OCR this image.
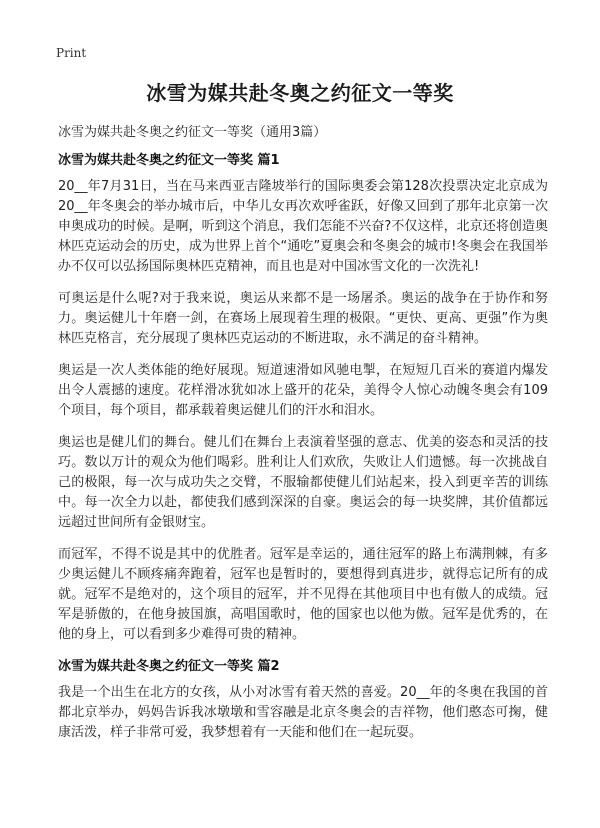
Print
冰雪为媒共赴冬奥之约征文一等奖
冰雪为媒共赴冬奥之约征文一等奖（通用3篇）
冰雪为媒共赴冬奥之约征文一等奖 篇1

20__年7月31日，当在马来西亚吉隆坡举行的国际奥委会第128次投票决定北京成为20__年冬奥会的举办城市后，中华儿女再次欢呼雀跃，好像又回到了那年北京第一次申奥成功的时候。是啊，听到这个消息，我们怎能不兴奋?不仅这样，北京还将创造奥林匹克运动会的历史，成为世界上首个“通吃”夏奥会和冬奥会的城市!冬奥会在我国举办不仅可以弘扬国际奥林匹克精神，而且也是对中国冰雪文化的一次洗礼!

可奥运是什么呢?对于我来说，奥运从来都不是一场屠杀。奥运的战争在于协作和努力。奥运健儿十年磨一剑，在赛场上展现着生理的极限。“更快、更高、更强”作为奥林匹克格言，充分展现了奥林匹克运动的不断进取，永不满足的奋斗精神。

奥运是一次人类体能的绝好展现。短道速滑如风驰电掣，在短短几百米的赛道内爆发出令人震撼的速度。花样滑冰犹如冰上盛开的花朵，美得令人惊心动魄冬奥会有109个项目，每个项目，都承载着奥运健儿们的汗水和泪水。

奥运也是健儿们的舞台。健儿们在舞台上表演着坚强的意志、优美的姿态和灵活的技巧。数以万计的观众为他们喝彩。胜利让人们欢欣，失败让人们遗憾。每一次挑战自己的极限，每一次与成功失之交臂，不服输都使健儿们站起来，投入到更辛苦的训练中。每一次全力以赴，都使我们感到深深的自豪。奥运会的每一块奖牌，其价值都远远超过世间所有金银财宝。

而冠军，不得不说是其中的优胜者。冠军是幸运的，通往冠军的路上布满荆棘，有多少奥运健儿不顾疼痛奔跑着，冠军也是暂时的，要想得到真进步，就得忘记所有的成就。冠军不是绝对的，这个项目的冠军，并不见得在其他项目中也有傲人的成绩。冠军是骄傲的，在他身披国旗，高唱国歌时，他的国家也以他为傲。冠军是优秀的，在他的身上，可以看到多少难得可贵的精神。

冰雪为媒共赴冬奥之约征文一等奖 篇2

我是一个出生在北方的女孩，从小对冰雪有着天然的喜爱。20__年的冬奥在我国的首都北京举办，妈妈告诉我冰墩墩和雪容融是北京冬奥会的吉祥物，他们憨态可掬，健康活泼，样子非常可爱，我梦想着有一天能和他们在一起玩耍。
